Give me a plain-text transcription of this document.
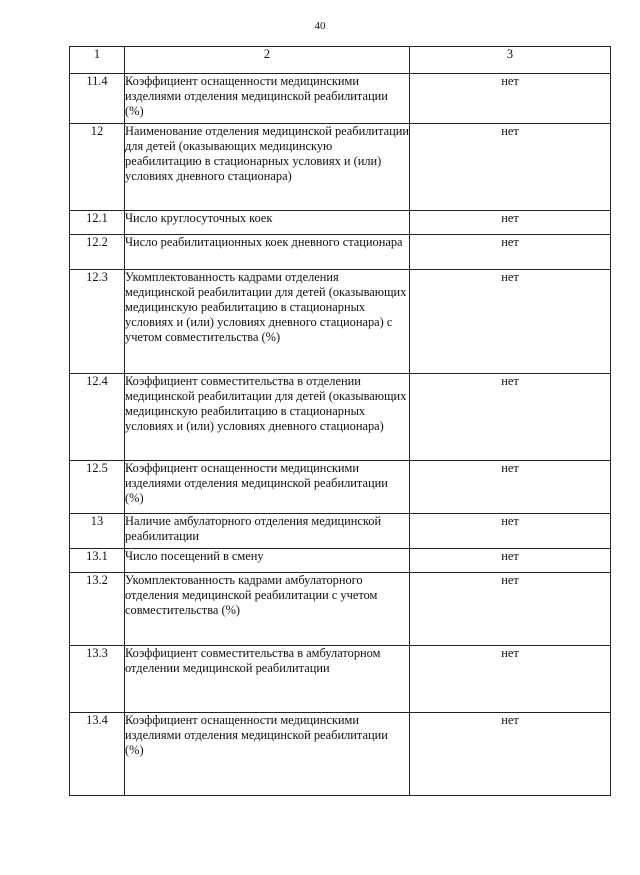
40
1	2	3
11.4	Коэффициент оснащенности медицинскими изделиями отделения медицинской реабилитации (%)	нет
12	Наименование отделения медицинской реабилитации для детей (оказывающих медицинскую реабилитацию в стационарных условиях и (или) условиях дневного стационара)	нет
12.1	Число круглосуточных коек	нет
12.2	Число реабилитационных коек дневного стационара	нет
12.3	Укомплектованность кадрами отделения медицинской реабилитации для детей (оказывающих медицинскую реабилитацию в стационарных условиях и (или) условиях дневного стационара) с учетом совместительства (%)	нет
12.4	Коэффициент совместительства в отделении медицинской реабилитации для детей (оказывающих медицинскую реабилитацию в стационарных условиях и (или) условиях дневного стационара)	нет
12.5	Коэффициент оснащенности медицинскими изделиями отделения медицинской реабилитации (%)	нет
13	Наличие амбулаторного отделения медицинской реабилитации	нет
13.1	Число посещений в смену	нет
13.2	Укомплектованность кадрами амбулаторного отделения медицинской реабилитации с учетом совместительства (%)	нет
13.3	Коэффициент совместительства в амбулаторном отделении медицинской реабилитации	нет
13.4	Коэффициент оснащенности медицинскими изделиями отделения медицинской реабилитации (%)	нет
